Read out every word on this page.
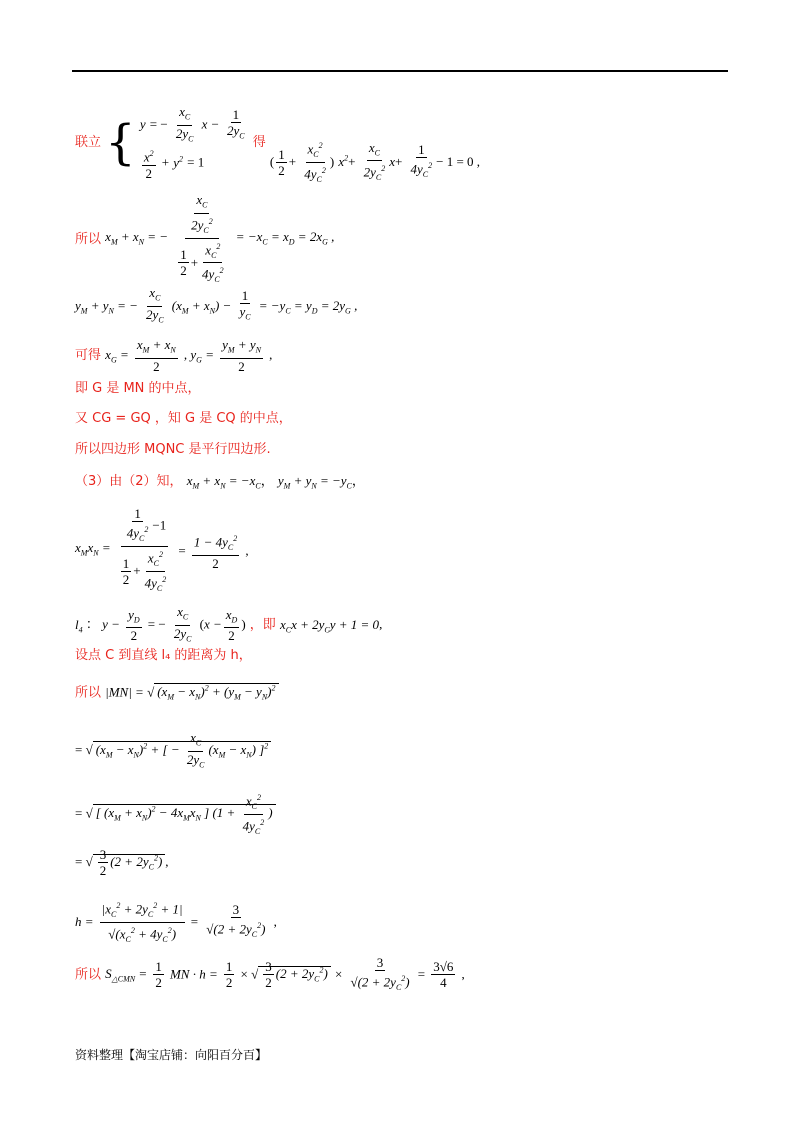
联立 { y = − $\frac{x_C}{2y_C}$ $x - \frac{1}{2y_C}$

$\frac{x^2}{2} + y^2 = 1$ 得 ( $\frac{1}{2} + \frac{x_C^2}{4y_C^2}$ ) $x^2+ \frac{x_C}{2y_C^2} x+ \frac{1}{4y_C^2} - 1 = 0$ ,
所以 $x_M + x_N$ = − $\frac{\frac{x_C}{2y_C^2}}{\frac{1}{2} + \frac{x_C^2}{4y_C^2}} = -x_C = x_D = 2x_G$ ,
$y_M + y_N$ = − $\frac{x_C}{2y_C} (x_M + x_N) - \frac{1}{y_C} = -y_C = y_D = 2y_G$ ,
可得 $x_G = \frac{x_M + x_N}{2}$ , $y_G = \frac{y_M + y_N}{2}$ ,
即 G 是 MN 的中点，
又 CG = GQ ，知 G 是 CQ 的中点，
所以四边形 MQNC 是平行四边形.
（3）由（2）知， $x_M + x_N = -x_C$， $y_M + y_N = -y_C$，
$x_Mx_N = \frac{\frac{1}{4y_C^2} -1}{\frac{1}{2} + \frac{x_C^2}{4y_C^2}} = \frac{1 - 4y_C^2}{2}$ ,
$l_4$ ： $y - \frac{y_D}{2}$ = − $\frac{x_C}{2y_C} (x - \frac{x_D}{2}$ ) ，即 $x_Cx + 2y_Cy + 1 = 0$,
设点 C 到直线 l₄ 的距离为 h，
所以 |MN| = √ $(x_M - x_N)^2 + (y_M - y_N)^2$
= √ $(x_M - x_N)^2$ + [ − $\frac{x_C}{2y_C} (x_M - x_N)$ ]$^2$
= √ [ $(x_M + x_N)^2 - 4x_Mx_N$ ] ($1 + \frac{x_C^2}{4y_C^2}$ )
= √ $\frac{3}{2} (2 + 2y_C^2)$ ,
$h = \frac{|x_C^2 + 2y_C^2 + 1|}{√(x_C^2 + 4y_C^2)} = \frac{3}{√(2 + 2y_C^2)}$ ,
所以 $S_{\triangle CMN} = \frac{1}{2}$ MN · $h = \frac{1}{2}$ × √ $\frac{3}{2} (2 + 2y_C^2) \times \frac{3}{√(2 + 2y_C^2)} = \frac{3√6}{4}$ ,
资料整理【淘宝店铺：向阳百分百】
